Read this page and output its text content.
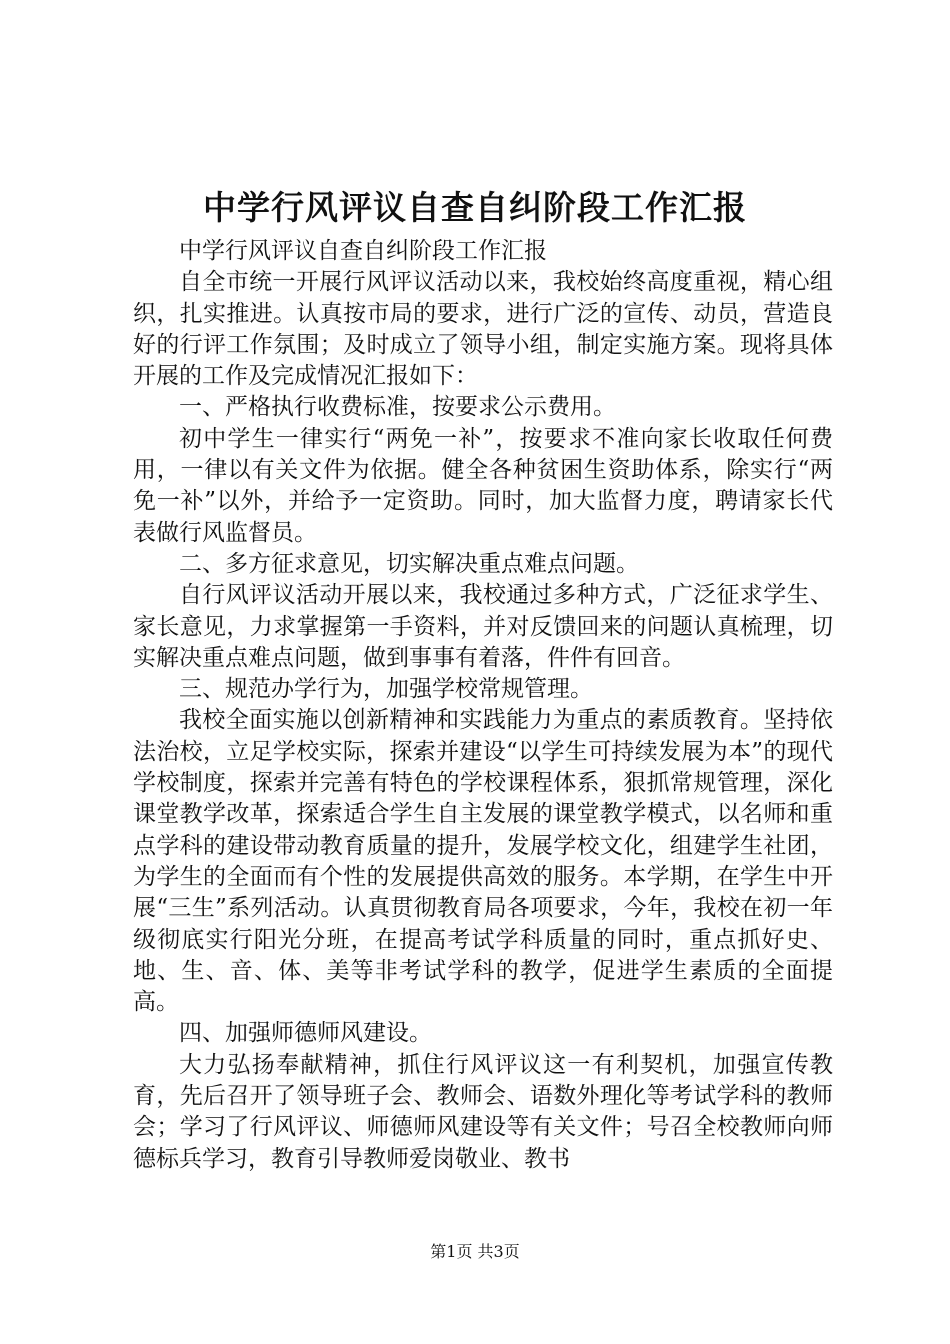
中学行风评议自查自纠阶段工作汇报

中学行风评议自查自纠阶段工作汇报

自全市统一开展行风评议活动以来，我校始终高度重视，精心组织，扎实推进。认真按市局的要求，进行广泛的宣传、动员，营造良好的行评工作氛围；及时成立了领导小组，制定实施方案。现将具体开展的工作及完成情况汇报如下：

一、严格执行收费标准，按要求公示费用。

初中学生一律实行“两免一补”，按要求不准向家长收取任何费用，一律以有关文件为依据。健全各种贫困生资助体系，除实行“两免一补”以外，并给予一定资助。同时，加大监督力度，聘请家长代表做行风监督员。

二、多方征求意见，切实解决重点难点问题。

自行风评议活动开展以来，我校通过多种方式，广泛征求学生、家长意见，力求掌握第一手资料，并对反馈回来的问题认真梳理，切实解决重点难点问题，做到事事有着落，件件有回音。

三、规范办学行为，加强学校常规管理。

我校全面实施以创新精神和实践能力为重点的素质教育。坚持依法治校，立足学校实际，探索并建设“以学生可持续发展为本”的现代学校制度，探索并完善有特色的学校课程体系，狠抓常规管理，深化课堂教学改革，探索适合学生自主发展的课堂教学模式，以名师和重点学科的建设带动教育质量的提升，发展学校文化，组建学生社团，为学生的全面而有个性的发展提供高效的服务。本学期，在学生中开展“三生”系列活动。认真贯彻教育局各项要求，今年，我校在初一年级彻底实行阳光分班，在提高考试学科质量的同时，重点抓好史、地、生、音、体、美等非考试学科的教学，促进学生素质的全面提高。

四、加强师德师风建设。

大力弘扬奉献精神，抓住行风评议这一有利契机，加强宣传教育，先后召开了领导班子会、教师会、语数外理化等考试学科的教师会；学习了行风评议、师德师风建设等有关文件；号召全校教师向师德标兵学习，教育引导教师爱岗敬业、教书

第1页 共3页
